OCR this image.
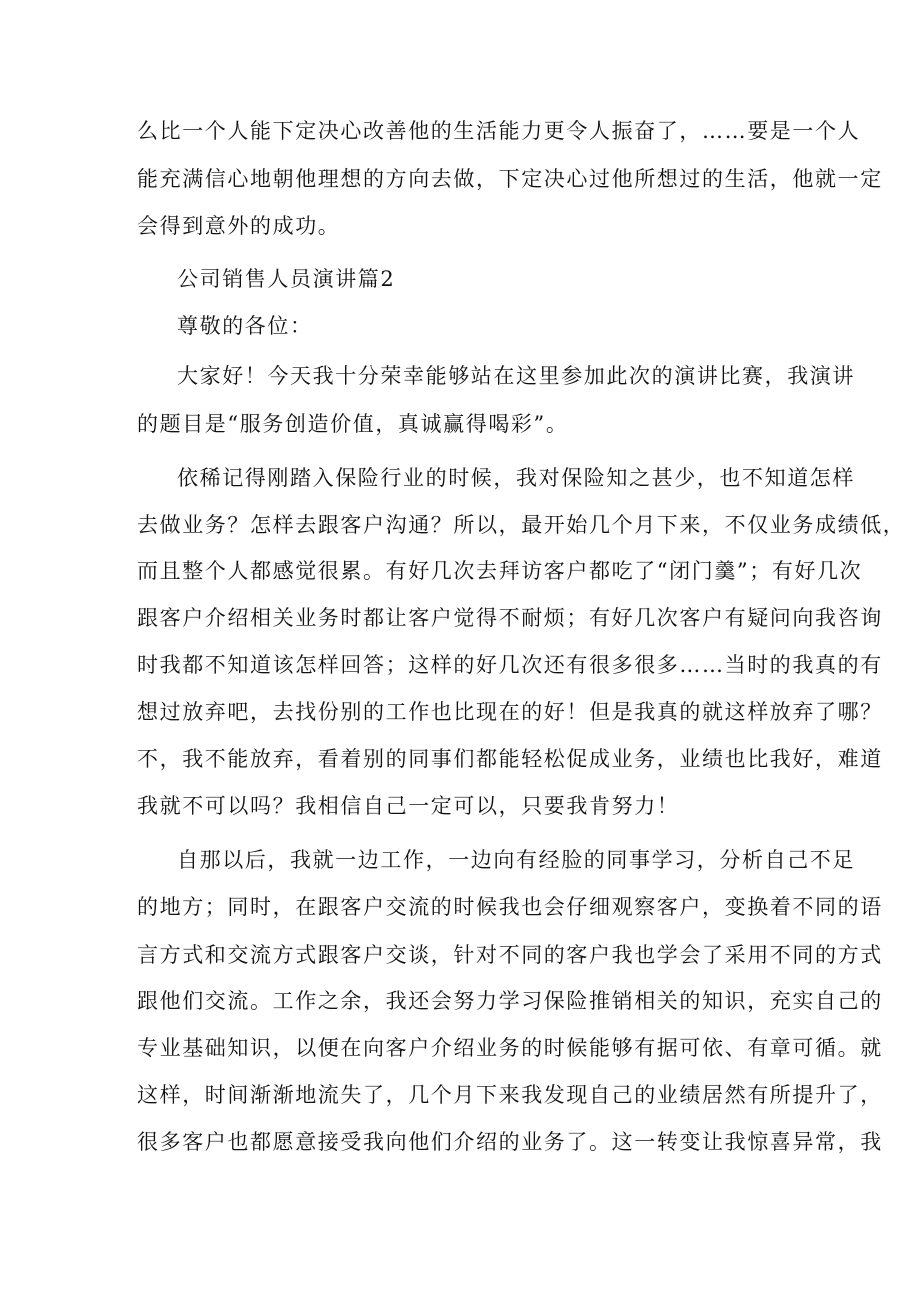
么比一个人能下定决心改善他的生活能力更令人振奋了，……要是一个人
能充满信心地朝他理想的方向去做，下定决心过他所想过的生活，他就一定
会得到意外的成功。
公司销售人员演讲篇2
尊敬的各位：
大家好！今天我十分荣幸能够站在这里参加此次的演讲比赛，我演讲
的题目是“服务创造价值，真诚赢得喝彩”。
依稀记得刚踏入保险行业的时候，我对保险知之甚少，也不知道怎样
去做业务？怎样去跟客户沟通？所以，最开始几个月下来，不仅业务成绩低，
而且整个人都感觉很累。有好几次去拜访客户都吃了“闭门羹”；有好几次
跟客户介绍相关业务时都让客户觉得不耐烦；有好几次客户有疑问向我咨询
时我都不知道该怎样回答；这样的好几次还有很多很多……当时的我真的有
想过放弃吧，去找份别的工作也比现在的好！但是我真的就这样放弃了哪？
不，我不能放弃，看着别的同事们都能轻松促成业务，业绩也比我好，难道
我就不可以吗？我相信自己一定可以，只要我肯努力！
自那以后，我就一边工作，一边向有经脸的同事学习，分析自己不足
的地方；同时，在跟客户交流的时候我也会仔细观察客户，变换着不同的语
言方式和交流方式跟客户交谈，针对不同的客户我也学会了采用不同的方式
跟他们交流。工作之余，我还会努力学习保险推销相关的知识，充实自己的
专业基础知识，以便在向客户介绍业务的时候能够有据可依、有章可循。就
这样，时间渐渐地流失了，几个月下来我发现自己的业绩居然有所提升了，
很多客户也都愿意接受我向他们介绍的业务了。这一转变让我惊喜异常，我
